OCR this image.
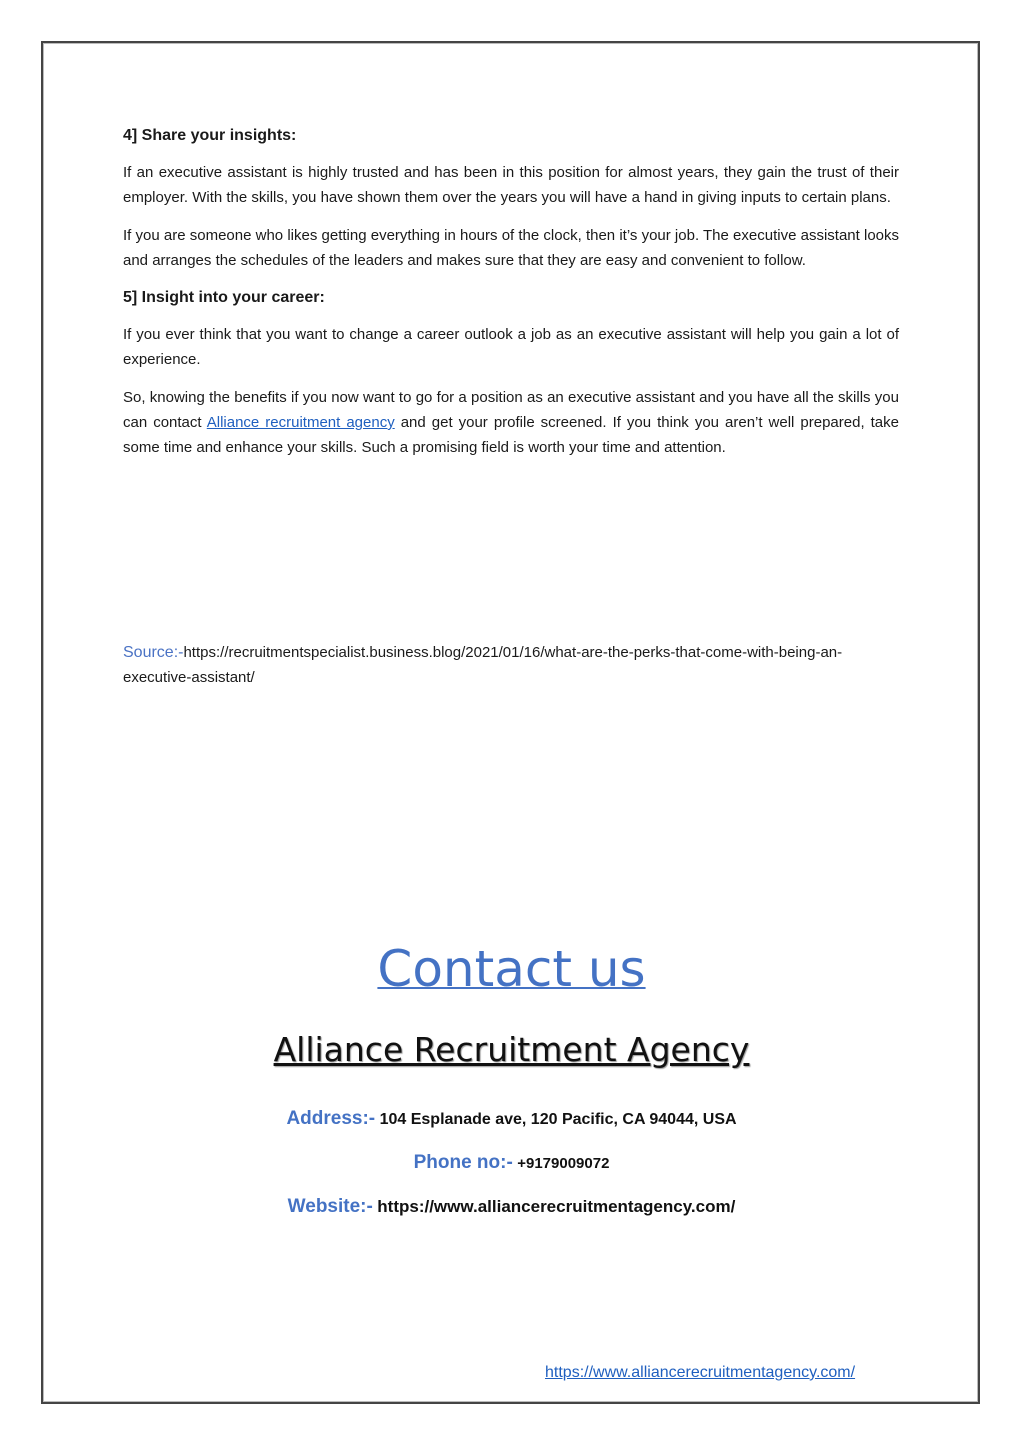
4] Share your insights:

If an executive assistant is highly trusted and has been in this position for almost years, they gain the trust of their employer. With the skills, you have shown them over the years you will have a hand in giving inputs to certain plans.

If you are someone who likes getting everything in hours of the clock, then it’s your job. The executive assistant looks and arranges the schedules of the leaders and makes sure that they are easy and convenient to follow.

5] Insight into your career:

If you ever think that you want to change a career outlook a job as an executive assistant will help you gain a lot of experience.

So, knowing the benefits if you now want to go for a position as an executive assistant and you have all the skills you can contact Alliance recruitment agency and get your profile screened. If you think you aren’t well prepared, take some time and enhance your skills. Such a promising field is worth your time and attention.

Source:-https://recruitmentspecialist.business.blog/2021/01/16/what-are-the-perks-that-come-with-being-an-executive-assistant/
Contact us
Alliance Recruitment Agency
Address:- 104 Esplanade ave, 120 Pacific, CA 94044, USA
Phone no:- +9179009072
Website:- https://www.alliancerecruitmentagency.com/
https://www.alliancerecruitmentagency.com/
